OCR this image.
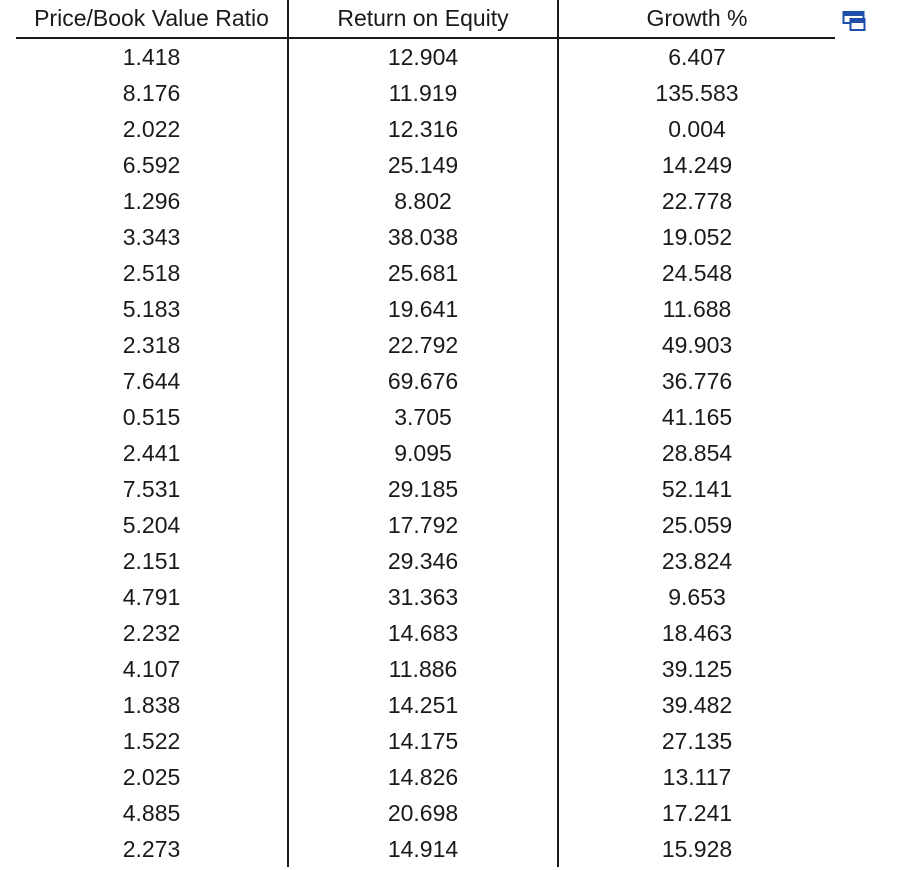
Price/Book Value Ratio	Return on Equity	Growth %
1.418	12.904	6.407
8.176	11.919	135.583
2.022	12.316	0.004
6.592	25.149	14.249
1.296	8.802	22.778
3.343	38.038	19.052
2.518	25.681	24.548
5.183	19.641	11.688
2.318	22.792	49.903
7.644	69.676	36.776
0.515	3.705	41.165
2.441	9.095	28.854
7.531	29.185	52.141
5.204	17.792	25.059
2.151	29.346	23.824
4.791	31.363	9.653
2.232	14.683	18.463
4.107	11.886	39.125
1.838	14.251	39.482
1.522	14.175	27.135
2.025	14.826	13.117
4.885	20.698	17.241
2.273	14.914	15.928
